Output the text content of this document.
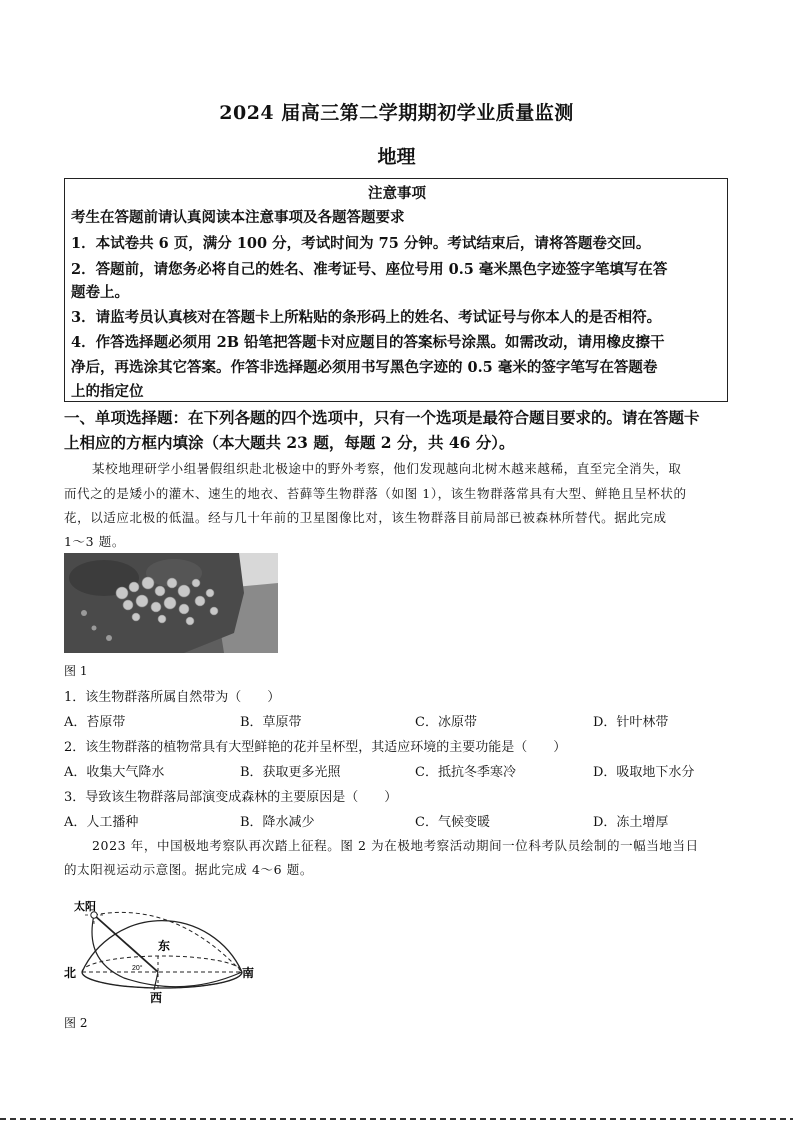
2024 届高三第二学期期初学业质量监测
地理
注意事项
考生在答题前请认真阅读本注意事项及各题答题要求
1．本试卷共 6 页，满分 100 分，考试时间为 75 分钟。考试结束后，请将答题卷交回。
2．答题前，请您务必将自己的姓名、准考证号、座位号用 0.5 毫米黑色字迹签字笔填写在答
题卷上。
3．请监考员认真核对在答题卡上所粘贴的条形码上的姓名、考试证号与你本人的是否相符。
4．作答选择题必须用 2B 铅笔把答题卡对应题目的答案标号涂黑。如需改动，请用橡皮擦干
净后，再选涂其它答案。作答非选择题必须用书写黑色字迹的 0.5 毫米的签字笔写在答题卷
上的指定位
一、单项选择题：在下列各题的四个选项中，只有一个选项是最符合题目要求的。请在答题卡
上相应的方框内填涂（本大题共 23 题，每题 2 分，共 46 分）。
某校地理研学小组暑假组织赴北极途中的野外考察，他们发现越向北树木越来越稀，直至完全消失，取
而代之的是矮小的灌木、速生的地衣、苔藓等生物群落（如图 1），该生物群落常具有大型、鲜艳且呈杯状的
花，以适应北极的低温。经与几十年前的卫星图像比对，该生物群落目前局部已被森林所替代。据此完成
1～3 题。
图 1
1．该生物群落所属自然带为（　　）
A．苔原带	B．草原带	C．冰原带	D．针叶林带
2．该生物群落的植物常具有大型鲜艳的花并呈杯型，其适应环境的主要功能是（　　）
A．收集大气降水	B．获取更多光照	C．抵抗冬季寒冷	D．吸取地下水分
3．导致该生物群落局部演变成森林的主要原因是（　　）
A．人工播种	B．降水减少	C．气候变暖	D．冻土增厚
2023 年，中国极地考察队再次踏上征程。图 2 为在极地考察活动期间一位科考队员绘制的一幅当地当日
的太阳视运动示意图。据此完成 4～6 题。
太阳
东
北	南
西
20°
图 2
